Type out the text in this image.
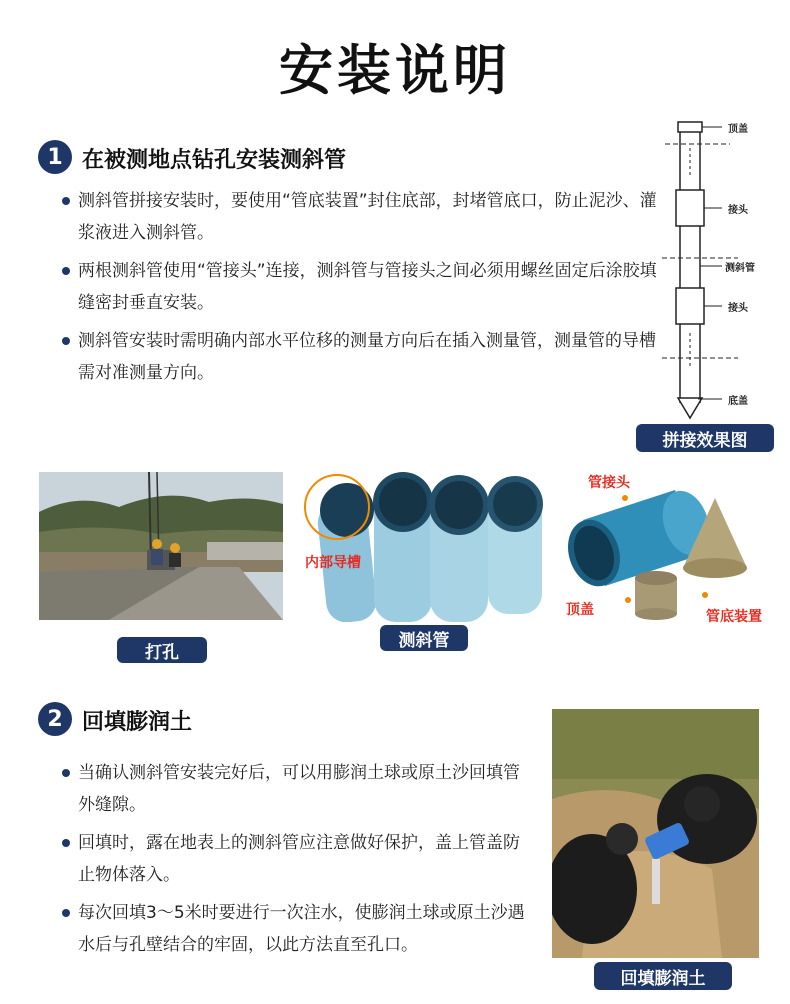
安装说明
1 在被测地点钻孔安装测斜管
测斜管拼接安装时，要使用“管底装置”封住底部，封堵管底口，防止泥沙、灌浆液进入测斜管。
两根测斜管使用“管接头”连接，测斜管与管接头之间必须用螺丝固定后涂胶填缝密封垂直安装。
测斜管安装时需明确内部水平位移的测量方向后在插入测量管，测量管的导槽需对准测量方向。
顶盖
接头
测斜管
接头
底盖
拼接效果图
打孔
内部导槽
测斜管
管接头
顶盖	管底装置
2 回填膨润土
当确认测斜管安装完好后，可以用膨润土球或原土沙回填管外缝隙。
回填时，露在地表上的测斜管应注意做好保护，盖上管盖防止物体落入。
每次回填3～5米时要进行一次注水，使膨润土球或原土沙遇水后与孔壁结合的牢固，以此方法直至孔口。
回填膨润土
